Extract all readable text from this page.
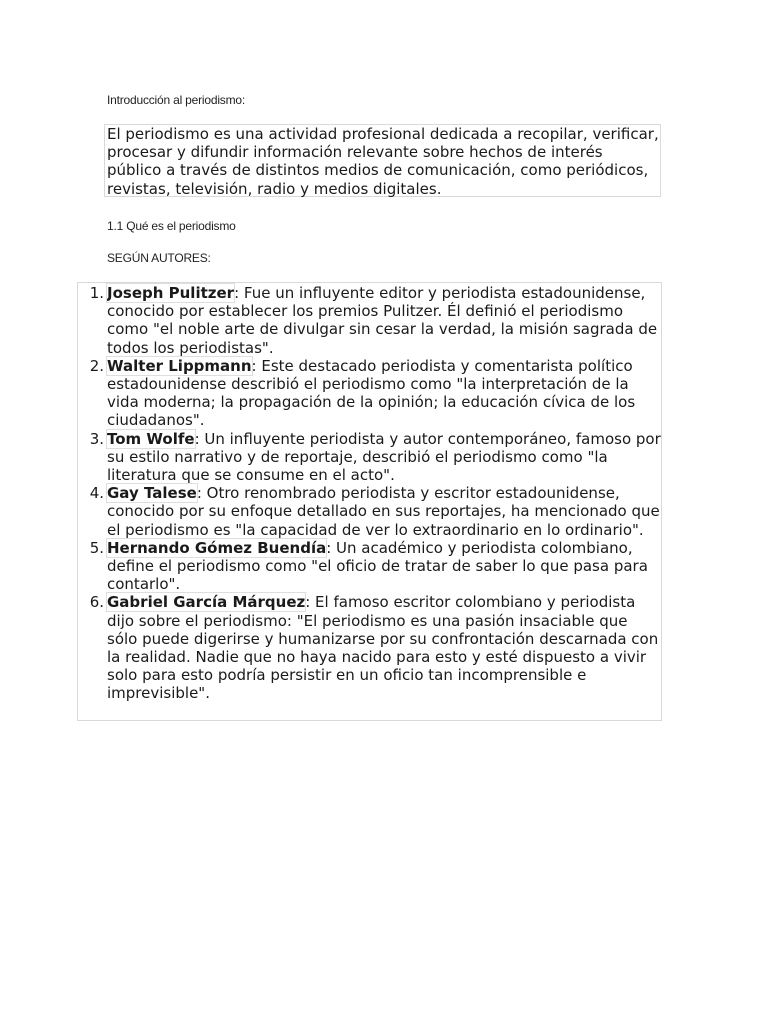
Introducción al periodismo:

El periodismo es una actividad profesional dedicada a recopilar, verificar, procesar y difundir información relevante sobre hechos de interés público a través de distintos medios de comunicación, como periódicos, revistas, televisión, radio y medios digitales.

1.1 Qué es el periodismo
SEGÚN AUTORES:
1. Joseph Pulitzer: Fue un influyente editor y periodista estadounidense, conocido por establecer los premios Pulitzer. Él definió el periodismo como "el noble arte de divulgar sin cesar la verdad, la misión sagrada de todos los periodistas".
2. Walter Lippmann: Este destacado periodista y comentarista político estadounidense describió el periodismo como "la interpretación de la vida moderna; la propagación de la opinión; la educación cívica de los ciudadanos".
3. Tom Wolfe: Un influyente periodista y autor contemporáneo, famoso por su estilo narrativo y de reportaje, describió el periodismo como "la literatura que se consume en el acto".
4. Gay Talese: Otro renombrado periodista y escritor estadounidense, conocido por su enfoque detallado en sus reportajes, ha mencionado que el periodismo es "la capacidad de ver lo extraordinario en lo ordinario".
5. Hernando Gómez Buendía: Un académico y periodista colombiano, define el periodismo como "el oficio de tratar de saber lo que pasa para contarlo".
6. Gabriel García Márquez: El famoso escritor colombiano y periodista dijo sobre el periodismo: "El periodismo es una pasión insaciable que sólo puede digerirse y humanizarse por su confrontación descarnada con la realidad. Nadie que no haya nacido para esto y esté dispuesto a vivir solo para esto podría persistir en un oficio tan incomprensible e imprevisible".
